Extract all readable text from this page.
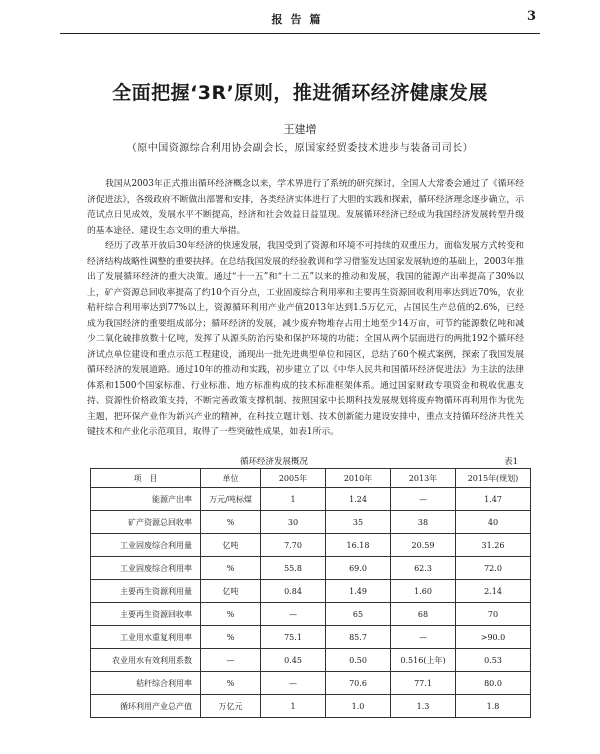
报告篇	3
全面把握‘3R’原则，推进循环经济健康发展
王建增
（原中国资源综合利用协会副会长，原国家经贸委技术进步与装备司司长）

我国从2003年正式推出循环经济概念以来，学术界进行了系统的研究探讨，全国人大常委会通过了《循环经济促进法》，各级政府不断做出部署和安排，各类经济实体进行了大胆的实践和探索，循环经济理念逐步确立，示范试点日见成效，发展水平不断提高，经济和社会效益日益显现。发展循环经济已经成为我国经济发展转型升级的基本途径、建设生态文明的重大举措。

经历了改革开放后30年经济的快速发展，我国受到了资源和环境不可持续的双重压力，面临发展方式转变和经济结构战略性调整的重要抉择。在总结我国发展的经验教训和学习借鉴发达国家发展轨迹的基础上，2003年推出了发展循环经济的重大决策。通过“十一五”和“十二五”以来的推动和发展，我国的能源产出率提高了30%以上，矿产资源总回收率提高了约10个百分点，工业固废综合利用率和主要再生资源回收利用率达到近70%，农业秸秆综合利用率达到77%以上，资源循环利用产业产值2013年达到1.5万亿元，占国民生产总值的2.6%，已经成为我国经济的重要组成部分；循环经济的发展，减少废弃物堆存占用土地至少14万亩，可节约能源数亿吨和减少二氧化硫排放数十亿吨，发挥了从源头防治污染和保护环境的功能；全国从两个层面进行的两批192个循环经济试点单位建设和重点示范工程建设，涌现出一批先进典型单位和园区，总结了60个模式案例，探索了我国发展循环经济的发展道路。通过10年的推动和实践，初步建立了以《中华人民共和国循环经济促进法》为主法的法律体系和1500个国家标准、行业标准、地方标准构成的技术标准框架体系。通过国家财政专项资金和税收优惠支持、资源性价格政策支持，不断完善政策支撑机制、按照国家中长期科技发展规划将废弃物循环再利用作为优先主题，把环保产业作为新兴产业的精神，在科技立题计划、技术创新能力建设安排中，重点支持循环经济共性关键技术和产业化示范项目，取得了一些突破性成果，如表1所示。

循环经济发展概况	表1
项　目	单位	2005年	2010年	2013年	2015年(规划)
能源产出率	万元/吨标煤	1	1.24	—	1.47
矿产资源总回收率	%	30	35	38	40
工业固废综合利用量	亿吨	7.70	16.18	20.59	31.26
工业固废综合利用率	%	55.8	69.0	62.3	72.0
主要再生资源利用量	亿吨	0.84	1.49	1.60	2.14
主要再生资源回收率	%	—	65	68	70
工业用水重复利用率	%	75.1	85.7	—	>90.0
农业用水有效利用系数	—	0.45	0.50	0.516(上年)	0.53
秸秆综合利用率	%	—	70.6	77.1	80.0
循环利用产业总产值	万亿元	1	1.0	1.3	1.8
